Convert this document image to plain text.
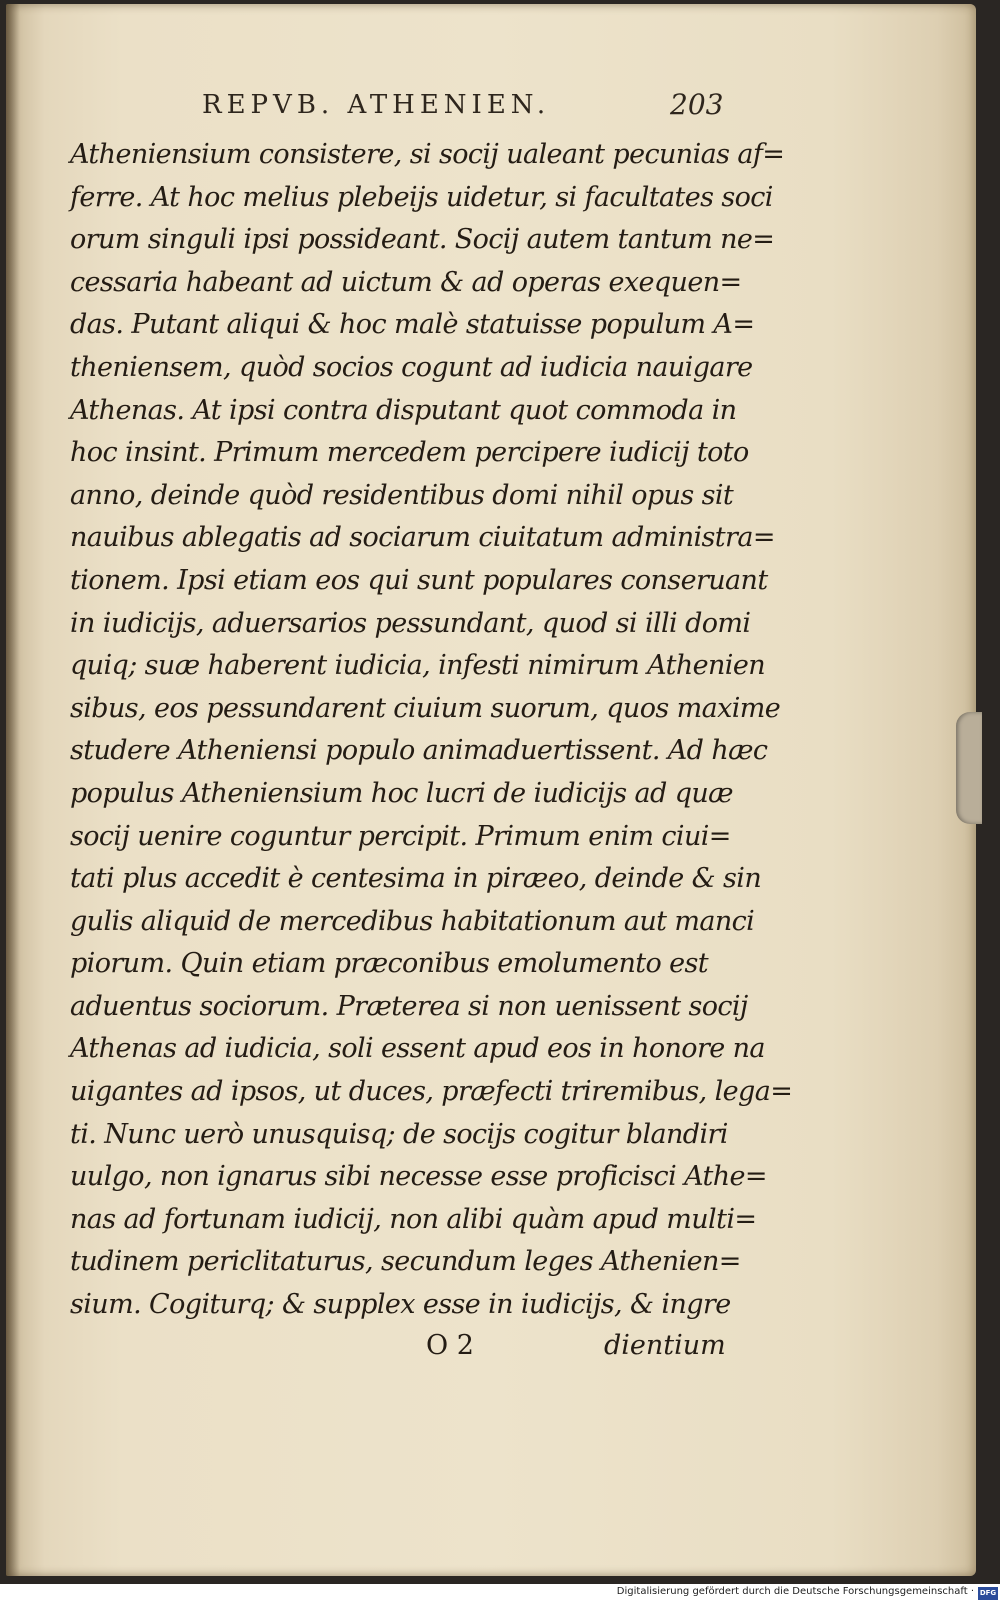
REPVB. ATHENIEN.	203
Atheniensium consistere, si socij ualeant pecunias af=
ferre. At hoc melius plebeijs uidetur, si facultates soci
orum singuli ipsi possideant. Socij autem tantum ne=
cessaria habeant ad uictum & ad operas exequen=
das. Putant aliqui & hoc malè statuisse populum A=
theniensem, quòd socios cogunt ad iudicia nauigare
Athenas. At ipsi contra disputant quot commoda in
hoc insint. Primum mercedem percipere iudicij toto
anno, deinde quòd residentibus domi nihil opus sit
nauibus ablegatis ad sociarum ciuitatum administra=
tionem. Ipsi etiam eos qui sunt populares conseruant
in iudicijs, aduersarios pessundant, quod si illi domi
quiq; suæ haberent iudicia, infesti nimirum Athenien
sibus, eos pessundarent ciuium suorum, quos maxime
studere Atheniensi populo animaduertissent. Ad hæc
populus Atheniensium hoc lucri de iudicijs ad quæ
socij uenire coguntur percipit. Primum enim ciui=
tati plus accedit è centesima in piræeo, deinde & sin
gulis aliquid de mercedibus habitationum aut manci
piorum. Quin etiam præconibus emolumento est
aduentus sociorum. Præterea si non uenissent socij
Athenas ad iudicia, soli essent apud eos in honore na
uigantes ad ipsos, ut duces, præfecti triremibus, lega=
ti. Nunc uerò unusquisq; de socijs cogitur blandiri
uulgo, non ignarus sibi necesse esse proficisci Athe=
nas ad fortunam iudicij, non alibi quàm apud multi=
tudinem periclitaturus, secundum leges Athenien=
sium. Cogiturq; & supplex esse in iudicijs, & ingre
O 2	dientium
Digitalisierung gefördert durch die Deutsche Forschungsgemeinschaft · DFG
